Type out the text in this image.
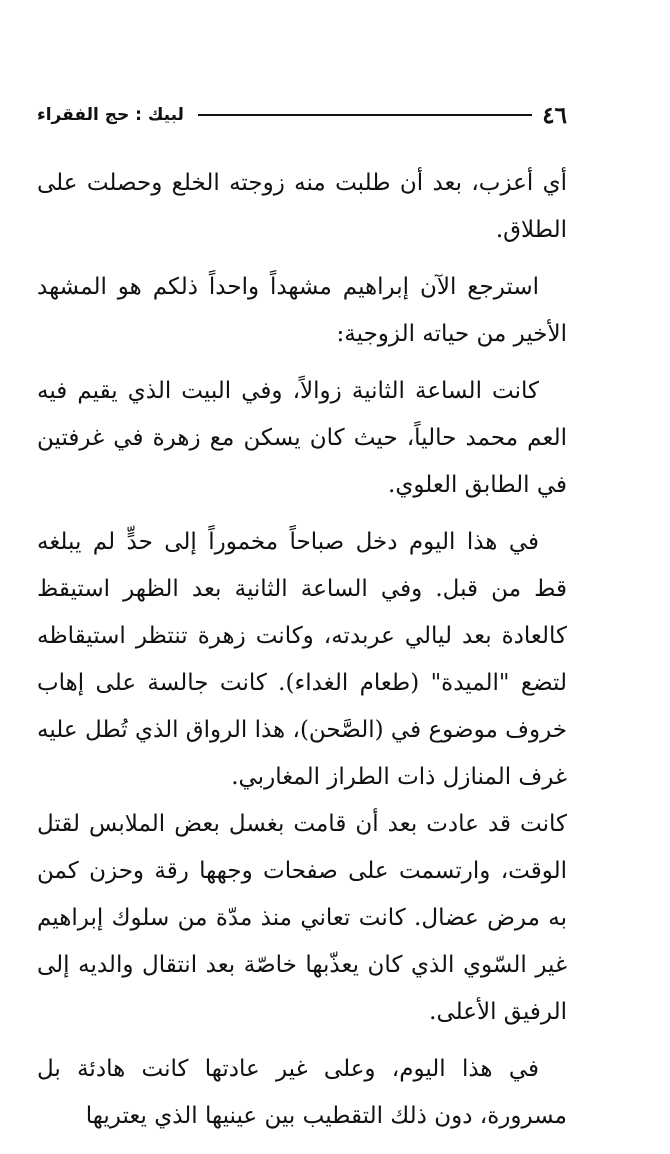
٤٦
لبيك : حج الفقراء

أي أعزب، بعد أن طلبت منه زوجته الخلع وحصلت على الطلاق.

استرجع الآن إبراهيم مشهداً واحداً ذلكم هو المشهد الأخير من حياته الزوجية:

كانت الساعة الثانية زوالاً، وفي البيت الذي يقيم فيه العم محمد حالياً، حيث كان يسكن مع زهرة في غرفتين في الطابق العلوي.

في هذا اليوم دخل صباحاً مخموراً إلى حدٍّ لم يبلغه قط من قبل. وفي الساعة الثانية بعد الظهر استيقظ كالعادة بعد ليالي عربدته، وكانت زهرة تنتظر استيقاظه لتضع "الميدة" (طعام الغداء). كانت جالسة على إهاب خروف موضوع في (الصَّحن)، هذا الرواق الذي تُطل عليه غرف المنازل ذات الطراز المغاربي.

كانت قد عادت بعد أن قامت بغسل بعض الملابس لقتل الوقت، وارتسمت على صفحات وجهها رقة وحزن كمن به مرض عضال. كانت تعاني منذ مدّة من سلوك إبراهيم غير السّوي الذي كان يعذّبها خاصّة بعد انتقال والديه إلى الرفيق الأعلى.

في هذا اليوم، وعلى غير عادتها كانت هادئة بل مسرورة، دون ذلك التقطيب بين عينيها الذي يعتريها
